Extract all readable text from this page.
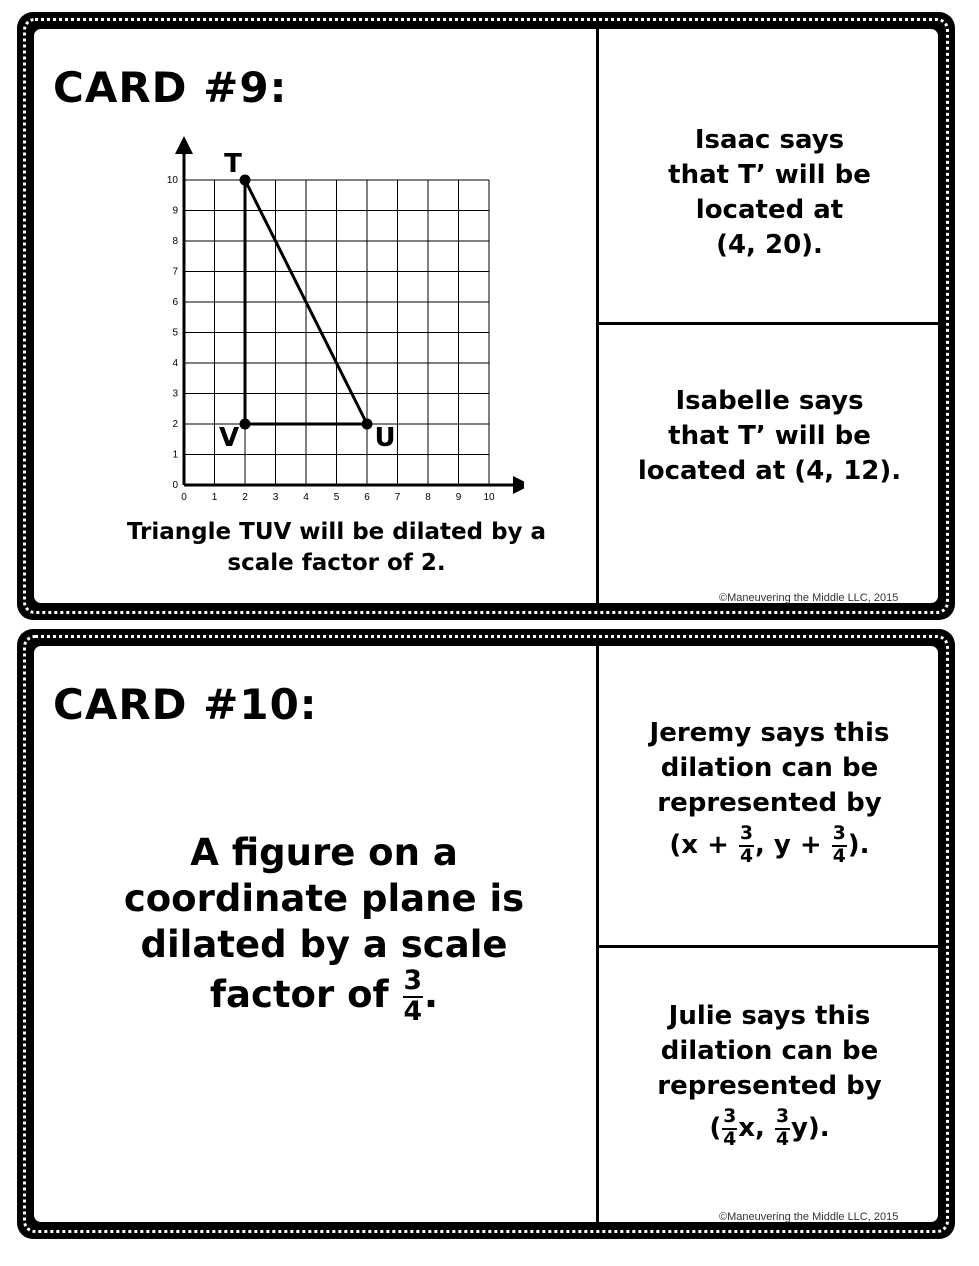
CARD #9:
0 1 2 3 4 5 6 7 8 9 10
0
1
2
3
4
5
6
7
8
9
10
T
U
V
Triangle TUV will be dilated by a
scale factor of 2.
Isaac says
that T’ will be
located at
(4, 20).
Isabelle says
that T’ will be
located at (4, 12).
©Maneuvering the Middle LLC, 2015
CARD #10:
A figure on a
coordinate plane is
dilated by a scale
factor of $\frac{3}{4}$ .
Jeremy says this
dilation can be
represented by
($x + \frac{3}{4}$ , $y + \frac{3}{4}$ ).
Julie says this
dilation can be
represented by
( $\frac{3}{4} x$, $\frac{3}{4} y$).
©Maneuvering the Middle LLC, 2015
